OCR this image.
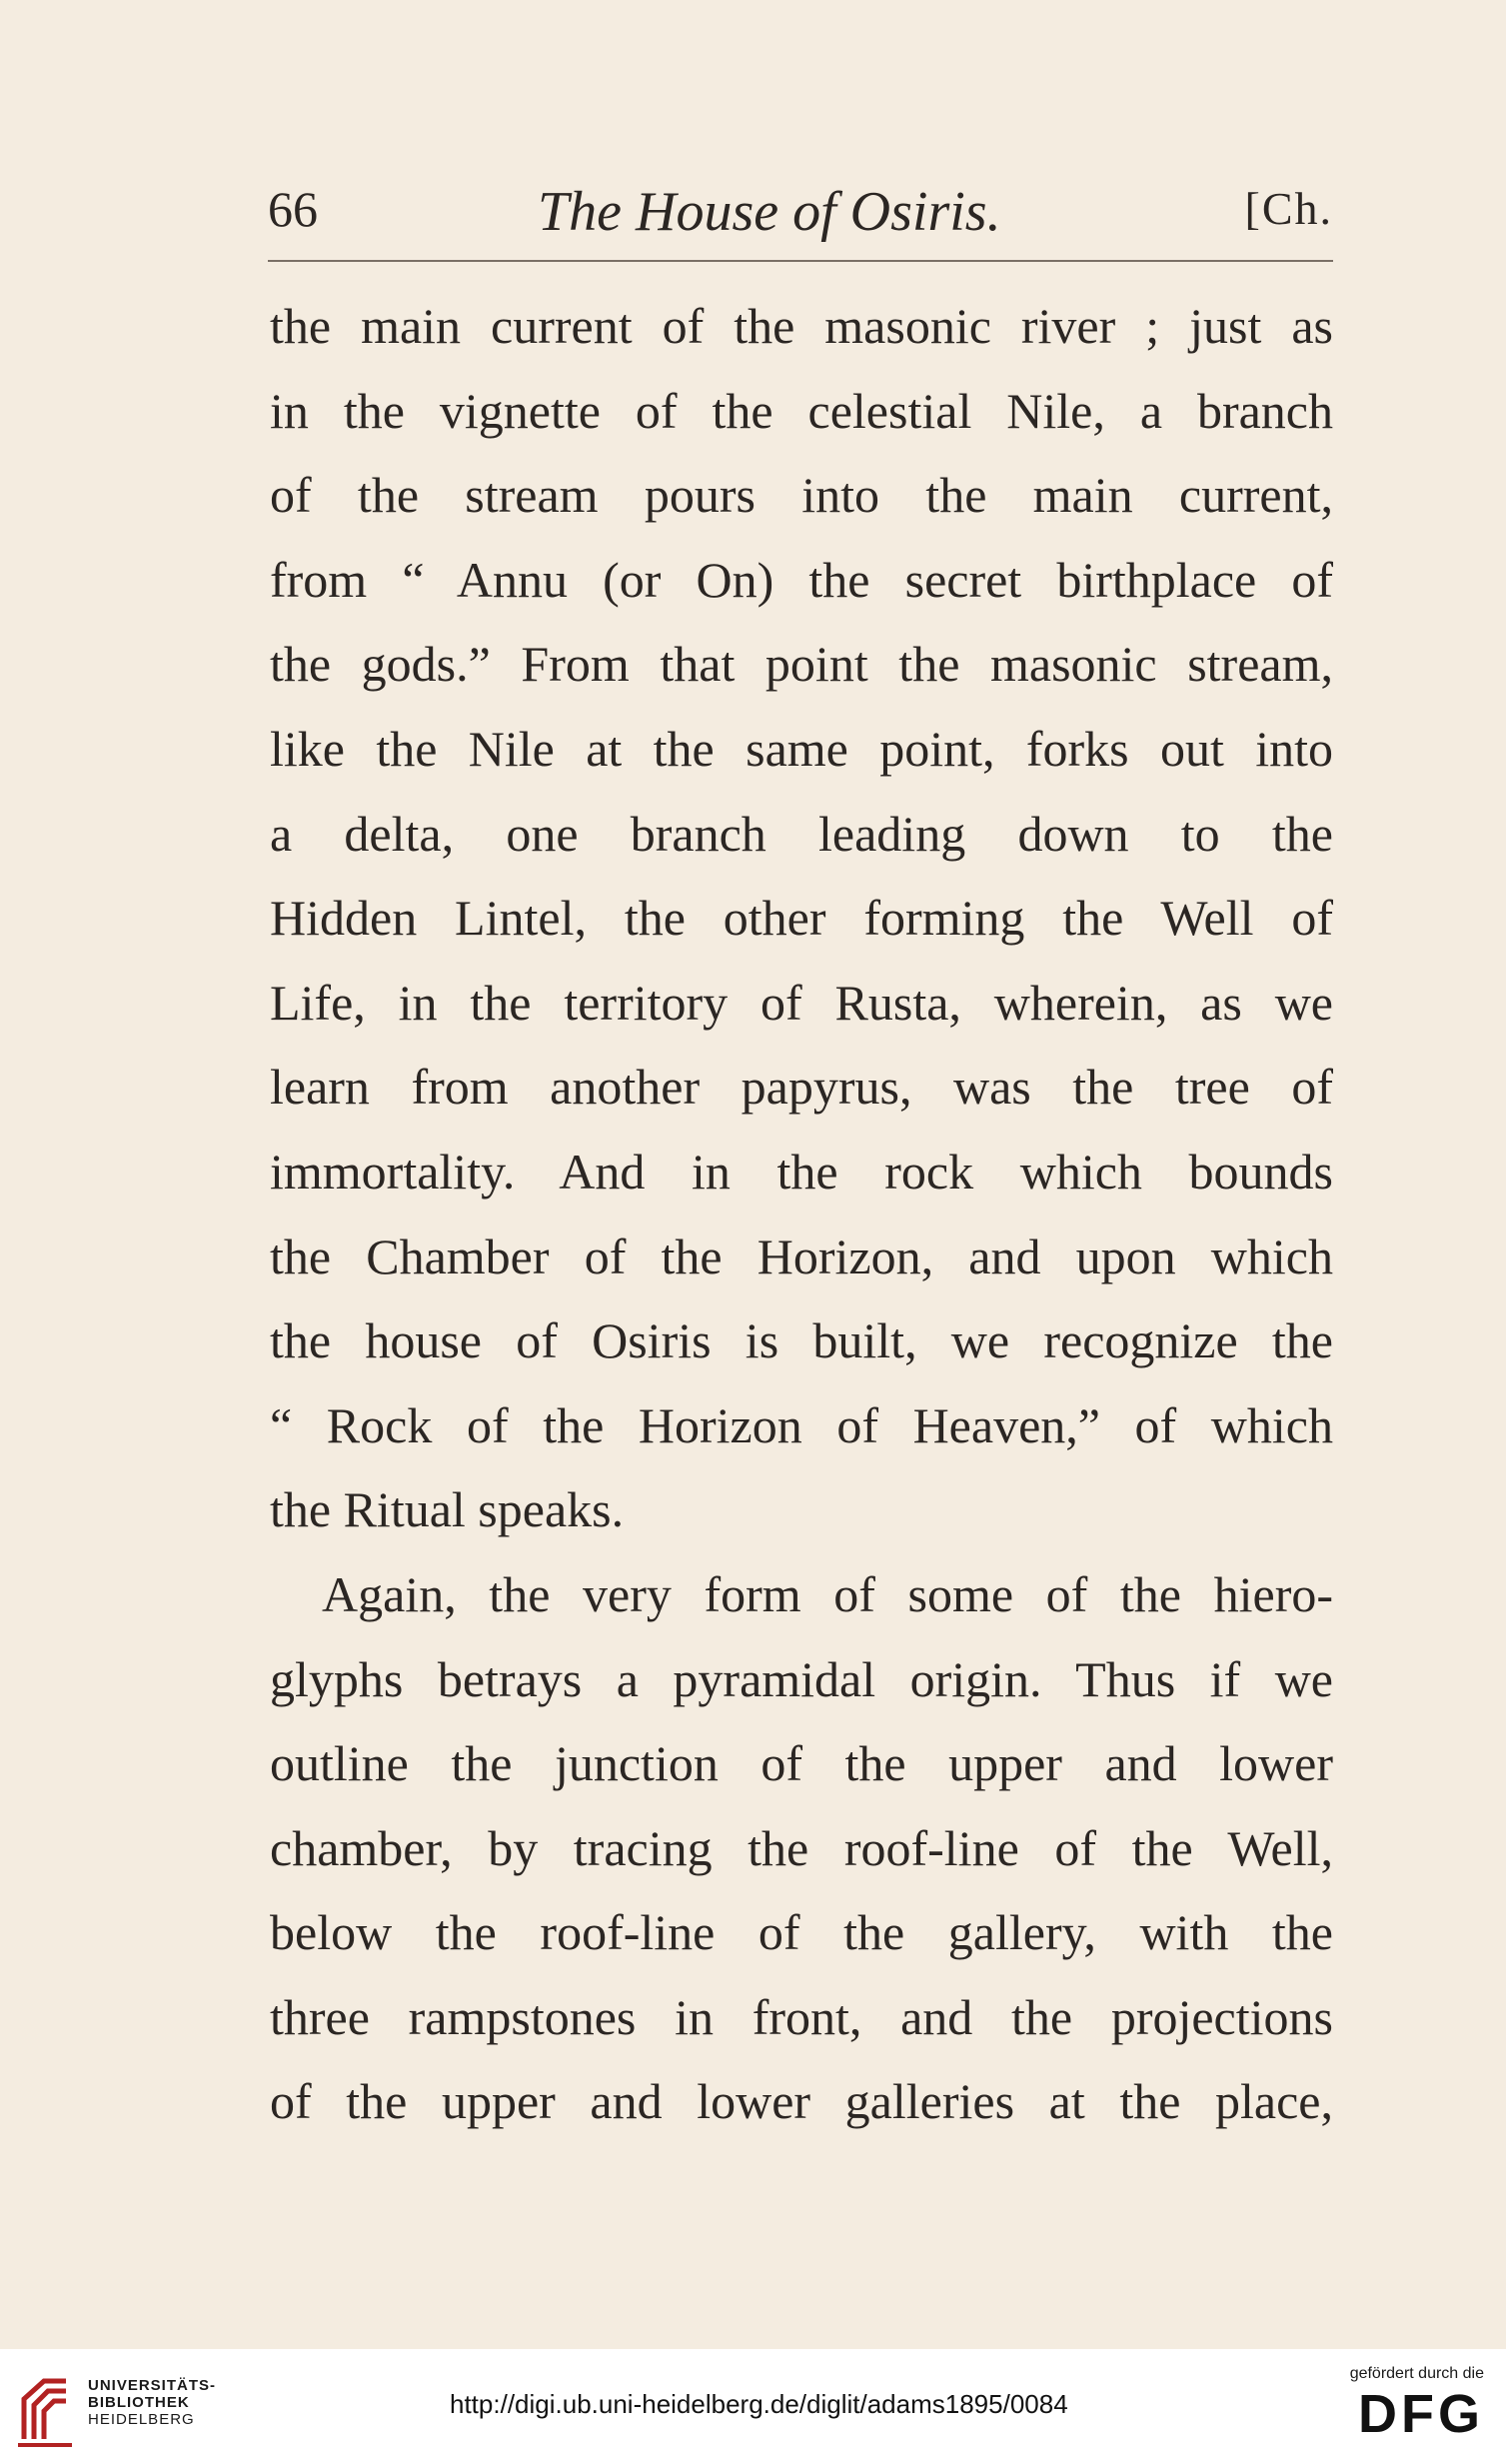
66	The House of Osiris.	[Ch.
the main current of the masonic river ; just as
in the vignette of the celestial Nile, a branch
of the stream pours into the main current,
from “ Annu (or On) the secret birthplace of
the gods.” From that point the masonic stream,
like the Nile at the same point, forks out into
a delta, one branch leading down to the
Hidden Lintel, the other forming the Well of
Life, in the territory of Rusta, wherein, as we
learn from another papyrus, was the tree of
immortality. And in the rock which bounds
the Chamber of the Horizon, and upon which
the house of Osiris is built, we recognize the
“ Rock of the Horizon of Heaven,” of which
the Ritual speaks.
Again, the very form of some of the hiero-
glyphs betrays a pyramidal origin. Thus if we
outline the junction of the upper and lower
chamber, by tracing the roof-line of the Well,
below the roof-line of the gallery, with the
three rampstones in front, and the projections
of the upper and lower galleries at the place,
UNIVERSITÄTS-
BIBLIOTHEK
HEIDELBERG
http://digi.ub.uni-heidelberg.de/diglit/adams1895/0084
gefördert durch die
DFG
